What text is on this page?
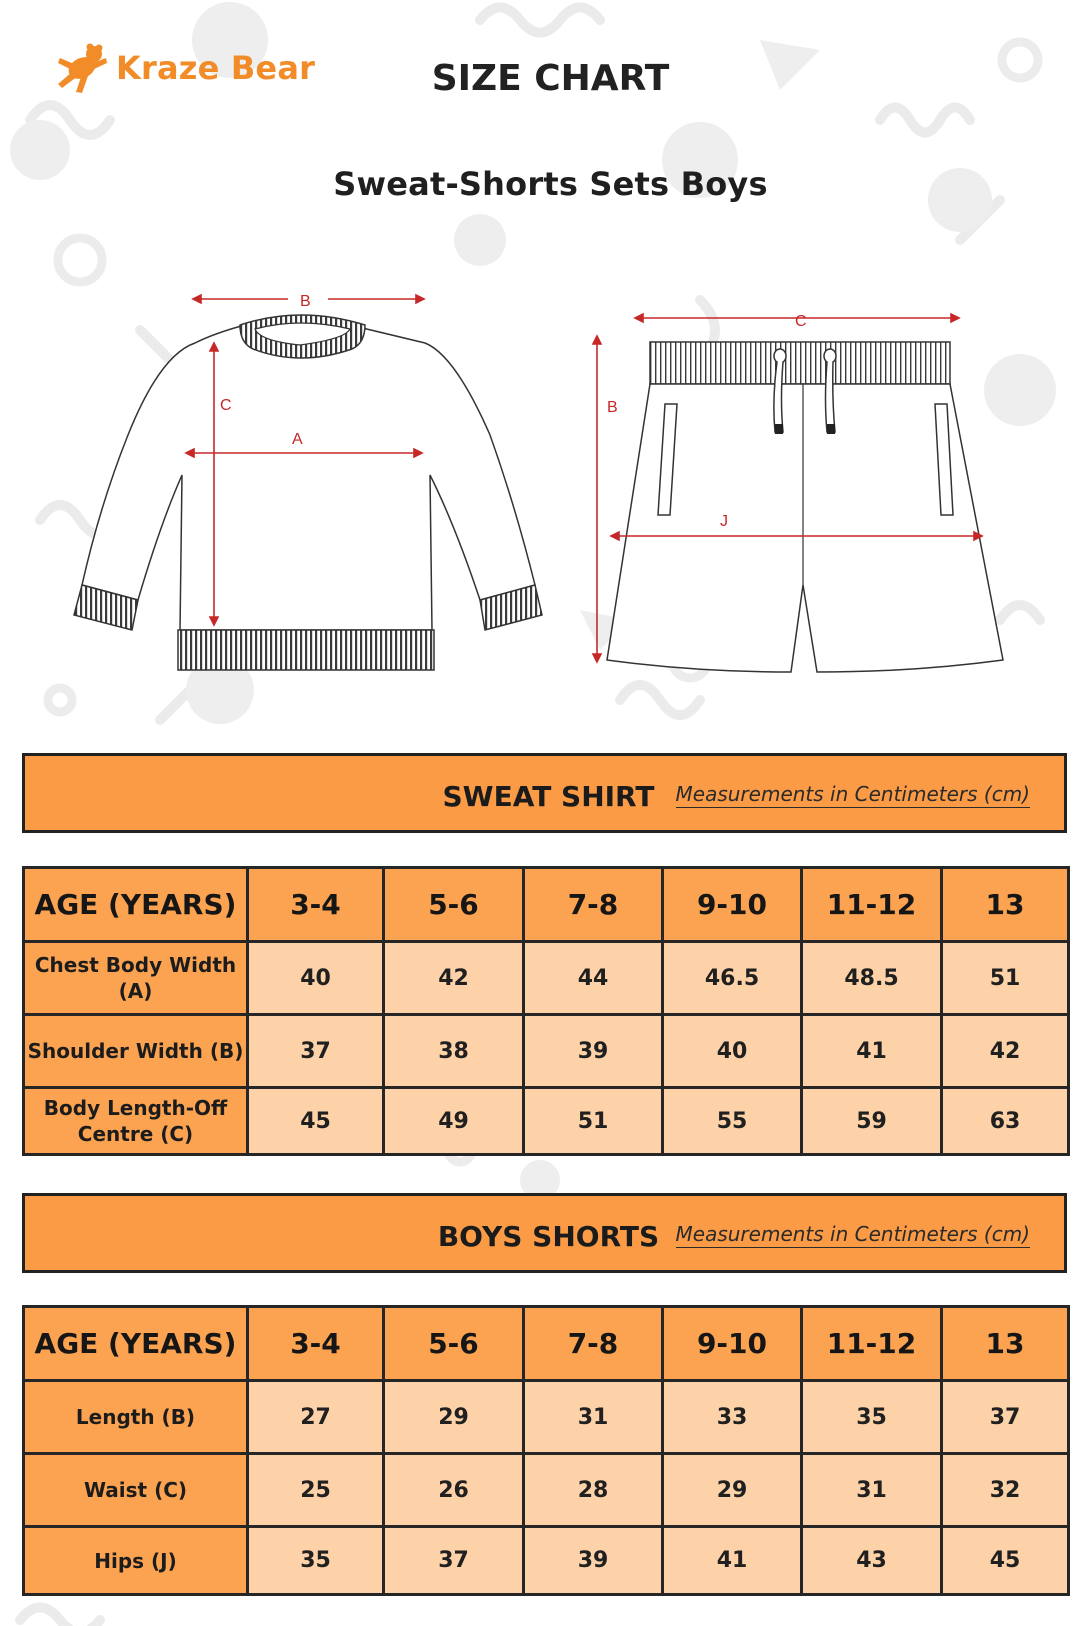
Kraze Bear	SIZE CHART
Sweat-Shorts Sets Boys
B
A
C
C
B
J
SWEAT SHIRT	Measurements in Centimeters (cm)
AGE (YEARS)	3-4	5-6	7-8	9-10	11-12	13
Chest Body Width (A)	40	42	44	46.5	48.5	51
Shoulder Width (B)	37	38	39	40	41	42
Body Length-Off Centre (C)	45	49	51	55	59	63
BOYS SHORTS Measurements in Centimeters (cm)
AGE (YEARS)	3-4	5-6	7-8	9-10	11-12	13
Length (B)	27	29	31	33	35	37
Waist (C)	25	26	28	29	31	32
Hips (J)	35	37	39	41	43	45
